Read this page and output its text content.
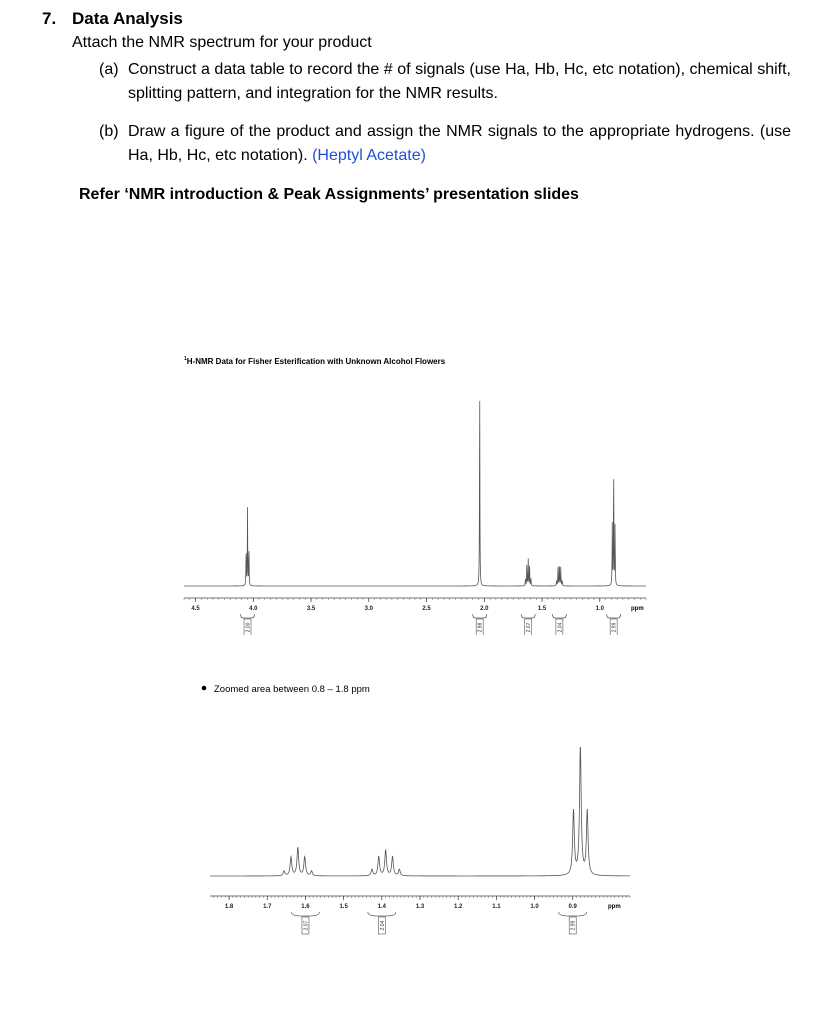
7. Data Analysis
Attach the NMR spectrum for your product
(a) Construct a data table to record the # of signals (use Ha, Hb, Hc, etc notation), chemical shift, splitting pattern, and integration for the NMR results.
(b) Draw a figure of the product and assign the NMR signals to the appropriate hydrogens. (use Ha, Hb, Hc, etc notation). (Heptyl Acetate)
Refer ‘NMR introduction & Peak Assignments’ presentation slides
$^1$H-NMR Data for Fisher Esterification with Unknown Alcohol Flowers
4.5	4.0	3.5	3.0	2.5	2.0	1.5	1.0
2.00	2.98	2.07	2.04	2.99
ppm
Zoomed area between 0.8 – 1.8 ppm
1.8	1.7	1.6	1.5	1.4	1.3	1.2	1.1	1.0	0.9
2.07	2.04	2.99
ppm
